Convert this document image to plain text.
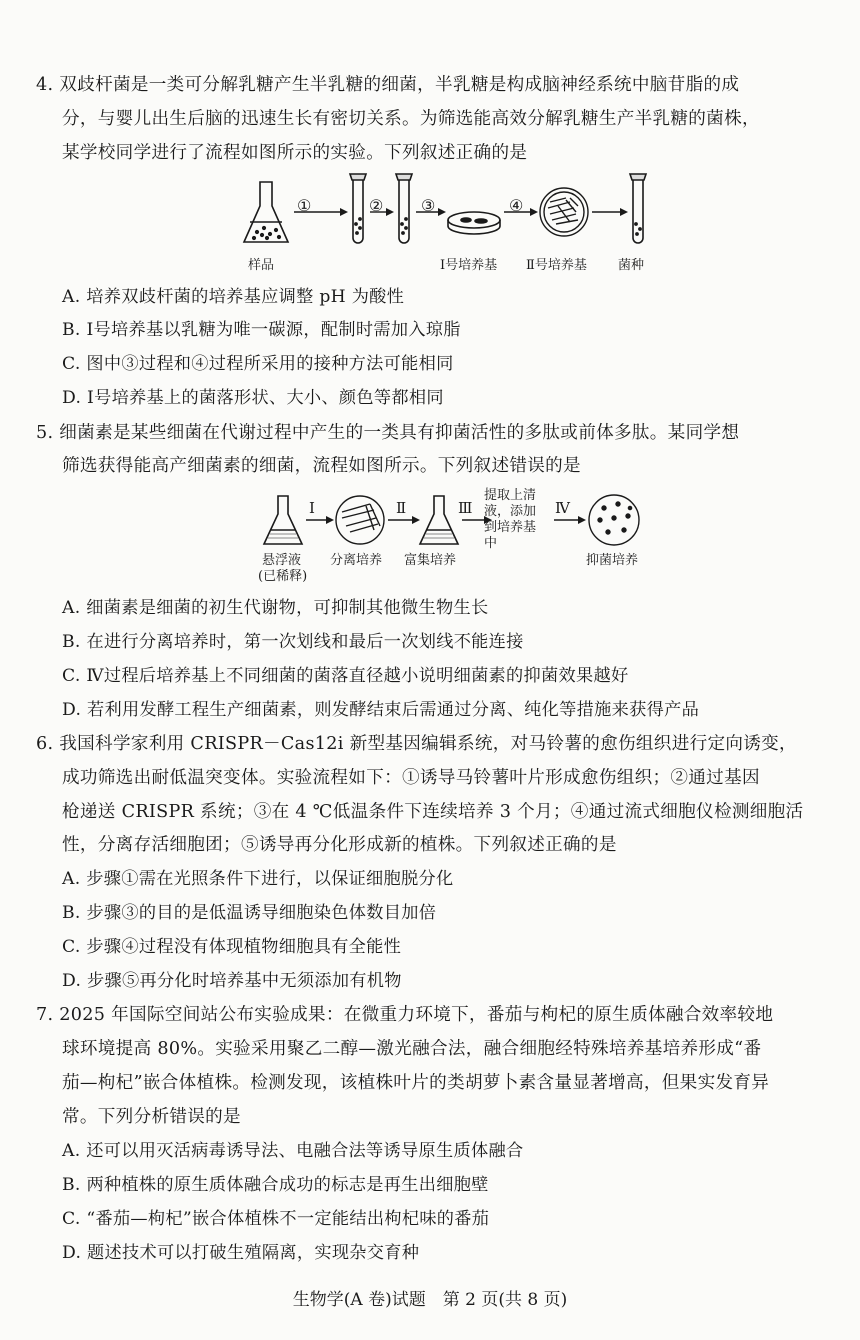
4. 双歧杆菌是一类可分解乳糖产生半乳糖的细菌，半乳糖是构成脑神经系统中脑苷脂的成
分，与婴儿出生后脑的迅速生长有密切关系。为筛选能高效分解乳糖生产半乳糖的菌株，
某学校同学进行了流程如图所示的实验。下列叙述正确的是
①	② ③	④
样品	Ⅰ号培养基 Ⅱ号培养基 菌种
A. 培养双歧杆菌的培养基应调整 pH 为酸性
B. Ⅰ号培养基以乳糖为唯一碳源，配制时需加入琼脂
C. 图中③过程和④过程所采用的接种方法可能相同
D. Ⅰ号培养基上的菌落形状、大小、颜色等都相同
5. 细菌素是某些细菌在代谢过程中产生的一类具有抑菌活性的多肽或前体多肽。某同学想
筛选获得能高产细菌素的细菌，流程如图所示。下列叙述错误的是
Ⅰ	Ⅱ	Ⅲ	Ⅳ
提取上清
液，添加
到培养基
中
悬浮液
(已稀释)
分离培养 富集培养	抑菌培养
A. 细菌素是细菌的初生代谢物，可抑制其他微生物生长
B. 在进行分离培养时，第一次划线和最后一次划线不能连接
C. Ⅳ过程后培养基上不同细菌的菌落直径越小说明细菌素的抑菌效果越好
D. 若利用发酵工程生产细菌素，则发酵结束后需通过分离、纯化等措施来获得产品
6. 我国科学家利用 CRISPR－Cas12i 新型基因编辑系统，对马铃薯的愈伤组织进行定向诱变，
成功筛选出耐低温突变体。实验流程如下：①诱导马铃薯叶片形成愈伤组织；②通过基因
枪递送 CRISPR 系统；③在 4 ℃低温条件下连续培养 3 个月；④通过流式细胞仪检测细胞活
性，分离存活细胞团；⑤诱导再分化形成新的植株。下列叙述正确的是
A. 步骤①需在光照条件下进行，以保证细胞脱分化
B. 步骤③的目的是低温诱导细胞染色体数目加倍
C. 步骤④过程没有体现植物细胞具有全能性
D. 步骤⑤再分化时培养基中无须添加有机物
7. 2025 年国际空间站公布实验成果：在微重力环境下，番茄与枸杞的原生质体融合效率较地
球环境提高 80%。实验采用聚乙二醇—激光融合法，融合细胞经特殊培养基培养形成“番
茄—枸杞”嵌合体植株。检测发现，该植株叶片的类胡萝卜素含量显著增高，但果实发育异
常。下列分析错误的是
A. 还可以用灭活病毒诱导法、电融合法等诱导原生质体融合
B. 两种植株的原生质体融合成功的标志是再生出细胞壁
C. “番茄—枸杞”嵌合体植株不一定能结出枸杞味的番茄
D. 题述技术可以打破生殖隔离，实现杂交育种
生物学(A 卷)试题　第 2 页(共 8 页)
